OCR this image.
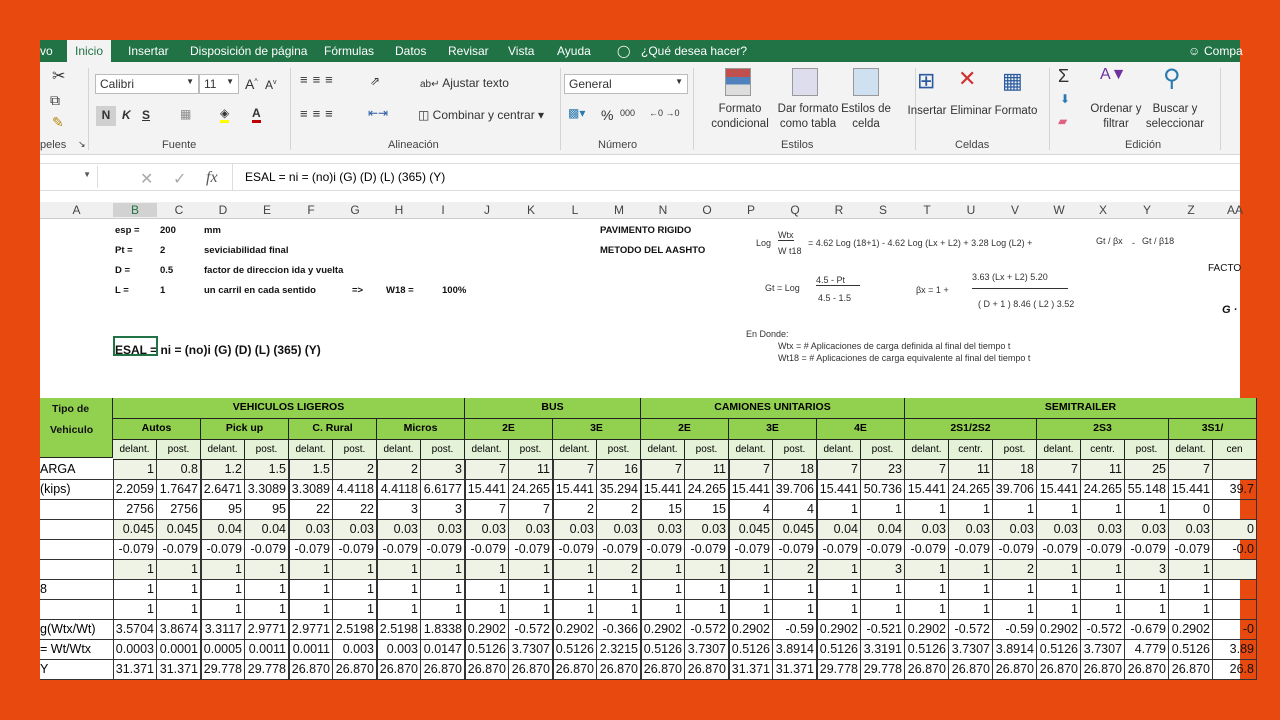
vo	Inicio	Insertar Disposición de página Fórmulas Datos Revisar Vista Ayuda ◯ ¿Qué desea hacer?	☺ Compa
✂
⧉
✎
peles ↘
Calibri	▼ 11 ▼ A^ $A^v$
N K S ▦ ◈ A
Fuente
≡≡≡	⇗
≡≡≡	⇤⇥
ab↵ Ajustar texto
◫ Combinar y centrar ▾
Alineación
General	▼
▩▾ % 000 ←0 →0
Número
Formato condicional
Dar formato como tabla
Estilos de celda
Estilos
⊞
Insertar
✕
Eliminar
▦
Formato
Celdas
Σ
⬇
▰
A▼
Ordenar y filtrar
⚲
Buscar y seleccionar
Edición
▼	✕ ✓ fx	ESAL = ni = (no)i (G) (D) (L) (365) (Y)
A	B	C	D	E	F	G	H	I	J	K	L	M	N	O	P	Q	R	S	T	U	V	W	X	Y	Z	AA
esp = 200	mm
Pt =	2	seviciabilidad final
D =	0.5	factor de direccion ida y vuelta
L =	1	un carril en cada sentido	=> W18 =	100%
PAVIMENTO RIGIDO
METODO DEL AASHTO
FACTO
G ·
ESAL = ni = (no)i (G) (D) (L) (365) (Y)
Log
Wtx
W t18
= 4.62 Log (18+1) - 4.62 Log (Lx + L2) + 3.28 Log (L2) +	Gt / βx - Gt / β18
Gt = Log
4.5 - Pt
4.5 - 1.5
βx = 1 +
3.63 (Lx + L2) 5.20
( D + 1 ) 8.46 ( L2 ) 3.52
En Donde:
Wtx = # Aplicaciones de carga definida al final del tiempo t
Wt18 = # Aplicaciones de carga equivalente al final del tiempo t
Tipo de
Vehiculo
VEHICULOS LIGEROS	BUS	CAMIONES UNITARIOS	SEMITRAILER
Autos	Pick up	C. Rural	Micros	2E	3E	2E	3E	4E	2S1/2S2	2S3	3S1/
delant.	post.	delant.	post.	delant.	post.	delant.	post.	delant.	post.	delant.	post.	delant.	post.	delant.	post.	delant.	post.	delant.	centr.	post.	delant.	centr.	post.	delant.	cen
ARGA	1	0.8	1.2	1.5	1.5	2	2	3	7	11	7	16	7	11	7	18	7	23	7	11	18	7	11	25	7
(kips)	2.2059 1.7647 2.6471 3.3089 3.3089 4.4118 4.4118 6.6177 15.441 24.265 15.441 35.294 15.441 24.265 15.441 39.706 15.441 50.736 15.441 24.265 39.706 15.441 24.265 55.148 15.441	39.7
2756	2756	95	95	22	22	3	3	7	7	2	2	15	15	4	4	1	1	1	1	1	1	1	1	0
0.045	0.045	0.04	0.04	0.03	0.03	0.03	0.03	0.03	0.03	0.03	0.03	0.03	0.03	0.045	0.045	0.04	0.04	0.03	0.03	0.03	0.03	0.03	0.03	0.03	0
-0.079 -0.079 -0.079 -0.079 -0.079 -0.079 -0.079 -0.079 -0.079 -0.079 -0.079 -0.079 -0.079 -0.079 -0.079 -0.079 -0.079 -0.079 -0.079 -0.079 -0.079 -0.079 -0.079 -0.079 -0.079	-0.0
1	1	1	1	1	1	1	1	1	1	1	2	1	1	1	2	1	3	1	1	2	1	1	3	1
8	1	1	1	1	1	1	1	1	1	1	1	1	1	1	1	1	1	1	1	1	1	1	1	1	1
1	1	1	1	1	1	1	1	1	1	1	1	1	1	1	1	1	1	1	1	1	1	1	1	1
g(Wtx/Wt)	3.5704 3.8674 3.3117 2.9771 2.9771 2.5198 2.5198 1.8338 0.2902 -0.572 0.2902 -0.366 0.2902 -0.572 0.2902	-0.59 0.2902 -0.521 0.2902 -0.572	-0.59 0.2902 -0.572 -0.679 0.2902	-0
= Wt/Wtx	0.0003 0.0001 0.0005 0.0011 0.0011	0.003	0.003 0.0147 0.5126 3.7307 0.5126 2.3215 0.5126 3.7307 0.5126 3.8914 0.5126 3.3191 0.5126 3.7307 3.8914 0.5126 3.7307	4.779 0.5126	3.89
Y	31.371 31.371 29.778 29.778 26.870 26.870 26.870 26.870 26.870 26.870 26.870 26.870 26.870 26.870 31.371 31.371 29.778 29.778 26.870 26.870 26.870 26.870 26.870 26.870 26.870	26.8
